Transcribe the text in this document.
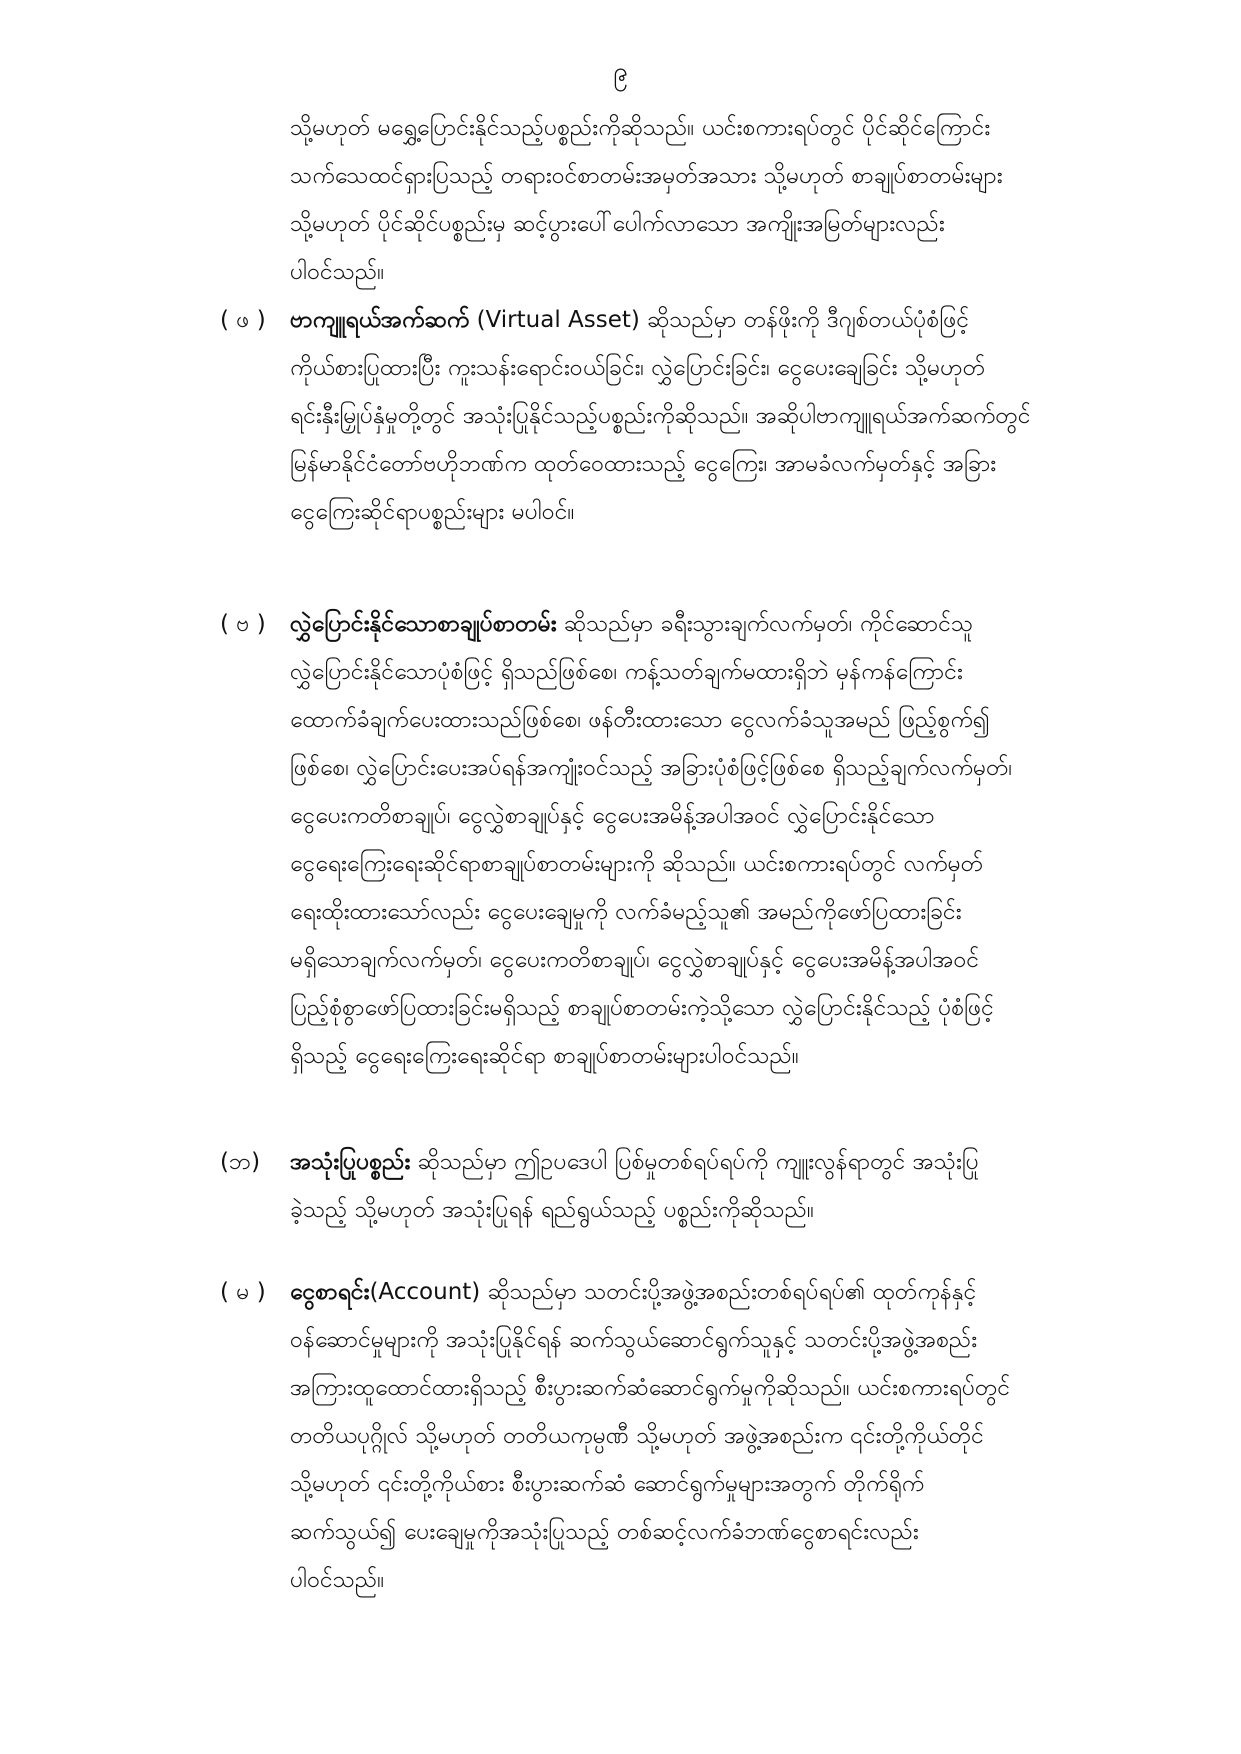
၉
သို့မဟုတ် မရွှေ့ပြောင်းနိုင်သည့်ပစ္စည်းကိုဆိုသည်။ ယင်းစကားရပ်တွင် ပိုင်ဆိုင်ကြောင်း
သက်သေထင်ရှားပြသည့် တရားဝင်စာတမ်းအမှတ်အသား သို့မဟုတ် စာချုပ်စာတမ်းများ
သို့မဟုတ် ပိုင်ဆိုင်ပစ္စည်းမှ ဆင့်ပွားပေါ်ပေါက်လာသော အကျိုးအမြတ်များလည်း
ပါဝင်သည်။
( ဖ )	ဗာကျူရယ်အက်ဆက် (Virtual Asset) ဆိုသည်မှာ တန်ဖိုးကို ဒီဂျစ်တယ်ပုံစံဖြင့်
ကိုယ်စားပြုထားပြီး ကူးသန်းရောင်းဝယ်ခြင်း၊ လွှဲပြောင်းခြင်း၊ ငွေပေးချေခြင်း သို့မဟုတ်
ရင်းနှီးမြှုပ်နှံမှုတို့တွင် အသုံးပြုနိုင်သည့်ပစ္စည်းကိုဆိုသည်။ အဆိုပါဗာကျူရယ်အက်ဆက်တွင်
မြန်မာနိုင်ငံတော်ဗဟိုဘဏ်က ထုတ်ဝေထားသည့် ငွေကြေး၊ အာမခံလက်မှတ်နှင့် အခြား
ငွေကြေးဆိုင်ရာပစ္စည်းများ မပါဝင်။
( ဗ )	လွှဲပြောင်းနိုင်သောစာချုပ်စာတမ်း ဆိုသည်မှာ ခရီးသွားချက်လက်မှတ်၊ ကိုင်ဆောင်သူ
လွှဲပြောင်းနိုင်သောပုံစံဖြင့် ရှိသည်ဖြစ်စေ၊ ကန့်သတ်ချက်မထားရှိဘဲ မှန်ကန်ကြောင်း
ထောက်ခံချက်ပေးထားသည်ဖြစ်စေ၊ ဖန်တီးထားသော ငွေလက်ခံသူအမည် ဖြည့်စွက်၍
ဖြစ်စေ၊ လွှဲပြောင်းပေးအပ်ရန်အကျုံးဝင်သည့် အခြားပုံစံဖြင့်ဖြစ်စေ ရှိသည့်ချက်လက်မှတ်၊
ငွေပေးကတိစာချုပ်၊ ငွေလွှဲစာချုပ်နှင့် ငွေပေးအမိန့်အပါအဝင် လွှဲပြောင်းနိုင်သော
ငွေရေးကြေးရေးဆိုင်ရာစာချုပ်စာတမ်းများကို ဆိုသည်။ ယင်းစကားရပ်တွင် လက်မှတ်
ရေးထိုးထားသော်လည်း ငွေပေးချေမှုကို လက်ခံမည့်သူ၏ အမည်ကိုဖော်ပြထားခြင်း
မရှိသောချက်လက်မှတ်၊ ငွေပေးကတိစာချုပ်၊ ငွေလွှဲစာချုပ်နှင့် ငွေပေးအမိန့်အပါအဝင်
ပြည့်စုံစွာဖော်ပြထားခြင်းမရှိသည့် စာချုပ်စာတမ်းကဲ့သို့သော လွှဲပြောင်းနိုင်သည့် ပုံစံဖြင့်
ရှိသည့် ငွေရေးကြေးရေးဆိုင်ရာ စာချုပ်စာတမ်းများပါဝင်သည်။
(ဘ)	အသုံးပြုပစ္စည်း ဆိုသည်မှာ ဤဥပဒေပါ ပြစ်မှုတစ်ရပ်ရပ်ကို ကျူးလွန်ရာတွင် အသုံးပြု
ခဲ့သည့် သို့မဟုတ် အသုံးပြုရန် ရည်ရွယ်သည့် ပစ္စည်းကိုဆိုသည်။
( မ )	ငွေစာရင်း(Account) ဆိုသည်မှာ သတင်းပို့အဖွဲ့အစည်းတစ်ရပ်ရပ်၏ ထုတ်ကုန်နှင့်
ဝန်ဆောင်မှုများကို အသုံးပြုနိုင်ရန် ဆက်သွယ်ဆောင်ရွက်သူနှင့် သတင်းပို့အဖွဲ့အစည်း
အကြားထူထောင်ထားရှိသည့် စီးပွားဆက်ဆံဆောင်ရွက်မှုကိုဆိုသည်။ ယင်းစကားရပ်တွင်
တတိယပုဂ္ဂိုလ် သို့မဟုတ် တတိယကုမ္ပဏီ သို့မဟုတ် အဖွဲ့အစည်းက ၎င်းတို့ကိုယ်တိုင်
သို့မဟုတ် ၎င်းတို့ကိုယ်စား စီးပွားဆက်ဆံ ဆောင်ရွက်မှုများအတွက် တိုက်ရိုက်
ဆက်သွယ်၍ ပေးချေမှုကိုအသုံးပြုသည့် တစ်ဆင့်လက်ခံဘဏ်ငွေစာရင်းလည်း
ပါဝင်သည်။
